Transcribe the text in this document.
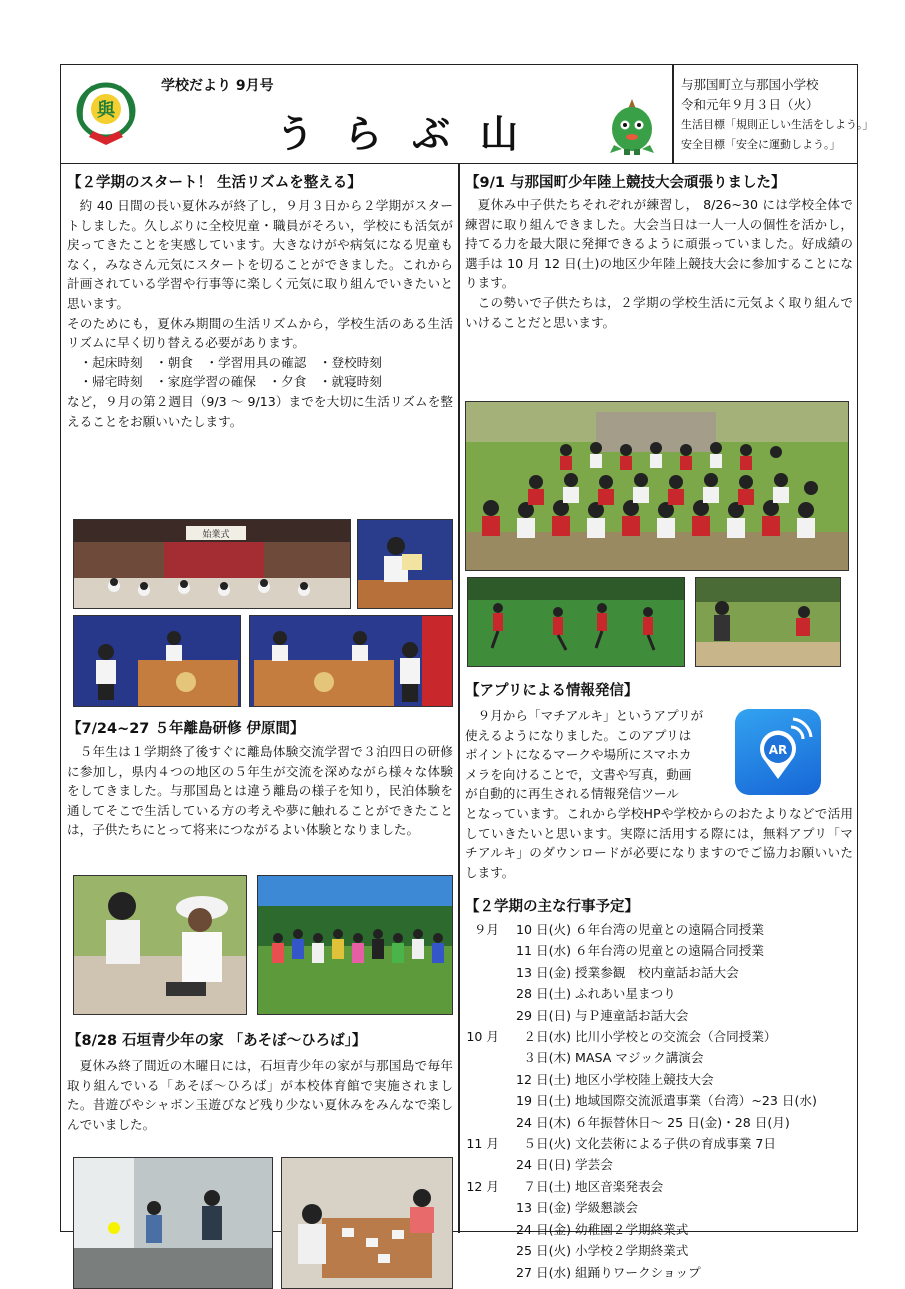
與
学校だより 9月号
うらぶ山
与那国町立与那国小学校
令和元年９月３日（火）
生活目標「規則正しい生活をしよう。」
安全目標「安全に運動しよう。」

【２学期のスタート！ 生活リズムを整える】

約 40 日間の長い夏休みが終了し，９月３日から２学期がスタートしました。久しぶりに全校児童・職員がそろい，学校にも活気が戻ってきたことを実感しています。大きなけがや病気になる児童もなく，みなさん元気にスタートを切ることができました。これから計画されている学習や行事等に楽しく元気に取り組んでいきたいと思います。

そのためにも，夏休み期間の生活リズムから，学校生活のある生活リズムに早く切り替える必要があります。

・起床時刻　・朝食　・学習用具の確認　・登校時刻

・帰宅時刻　・家庭学習の確保　・夕食　・就寝時刻

など，９月の第２週目（9/3 ～ 9/13）までを大切に生活リズムを整えることをお願いいたします。

始業式

【7/24~27 ５年離島研修 伊原間】

５年生は１学期終了後すぐに離島体験交流学習で３泊四日の研修に参加し，県内４つの地区の５年生が交流を深めながら様々な体験をしてきました。与那国島とは違う離島の様子を知り，民泊体験を通してそこで生活している方の考えや夢に触れることができたことは，子供たちにとって将来につながるよい体験となりました。

【8/28 石垣青少年の家 「あそぼ～ひろば」】

夏休み終了間近の木曜日には，石垣青少年の家が与那国島で毎年取り組んでいる「あそぼ～ひろば」が本校体育館で実施されました。昔遊びやシャボン玉遊びなど残り少ない夏休みをみんなで楽しんでいました。

【9/1 与那国町少年陸上競技大会頑張りました】

夏休み中子供たちそれぞれが練習し， 8/26~30 には学校全体で練習に取り組んできました。大会当日は一人一人の個性を活かし，持てる力を最大限に発揮できるように頑張っていました。好成績の選手は 10 月 12 日(土)の地区少年陸上競技大会に参加することになります。

この勢いで子供たちは，２学期の学校生活に元気よく取り組んでいけることだと思います。

【アプリによる情報発信】

９月から「マチアルキ」というアプリが

使えるようになりました。このアプリは

ポイントになるマークや場所にスマホカ

メラを向けることで，文書や写真，動画

が自動的に再生される情報発信ツール

となっています。これから学校HPや学校からのおたよりなどで活用していきたいと思います。実際に活用する際には，無料アプリ「マチアルキ」のダウンロードが必要になりますのでご協力お願いいたします。

AR

【２学期の主な行事予定】

９月 10 日(火) ６年台湾の児童との遠隔合同授業
11 日(水) ６年台湾の児童との遠隔合同授業
13 日(金) 授業参観　校内童話お話大会
28 日(土) ふれあい星まつり
29 日(日) 与Ｐ連童話お話大会
10 月 ２日(水) 比川小学校との交流会（合同授業）
３日(木) MASA マジック講演会
12 日(土) 地区小学校陸上競技大会
19 日(土) 地域国際交流派遣事業（台湾）~23 日(水)
24 日(木) ６年振替休日～ 25 日(金)・28 日(月)
11 月 ５日(火) 文化芸術による子供の育成事業 7日
24 日(日) 学芸会
12 月 ７日(土) 地区音楽発表会
13 日(金) 学級懇談会
24 日(金) 幼稚園２学期終業式
25 日(火) 小学校２学期終業式
27 日(水) 組踊りワークショップ
